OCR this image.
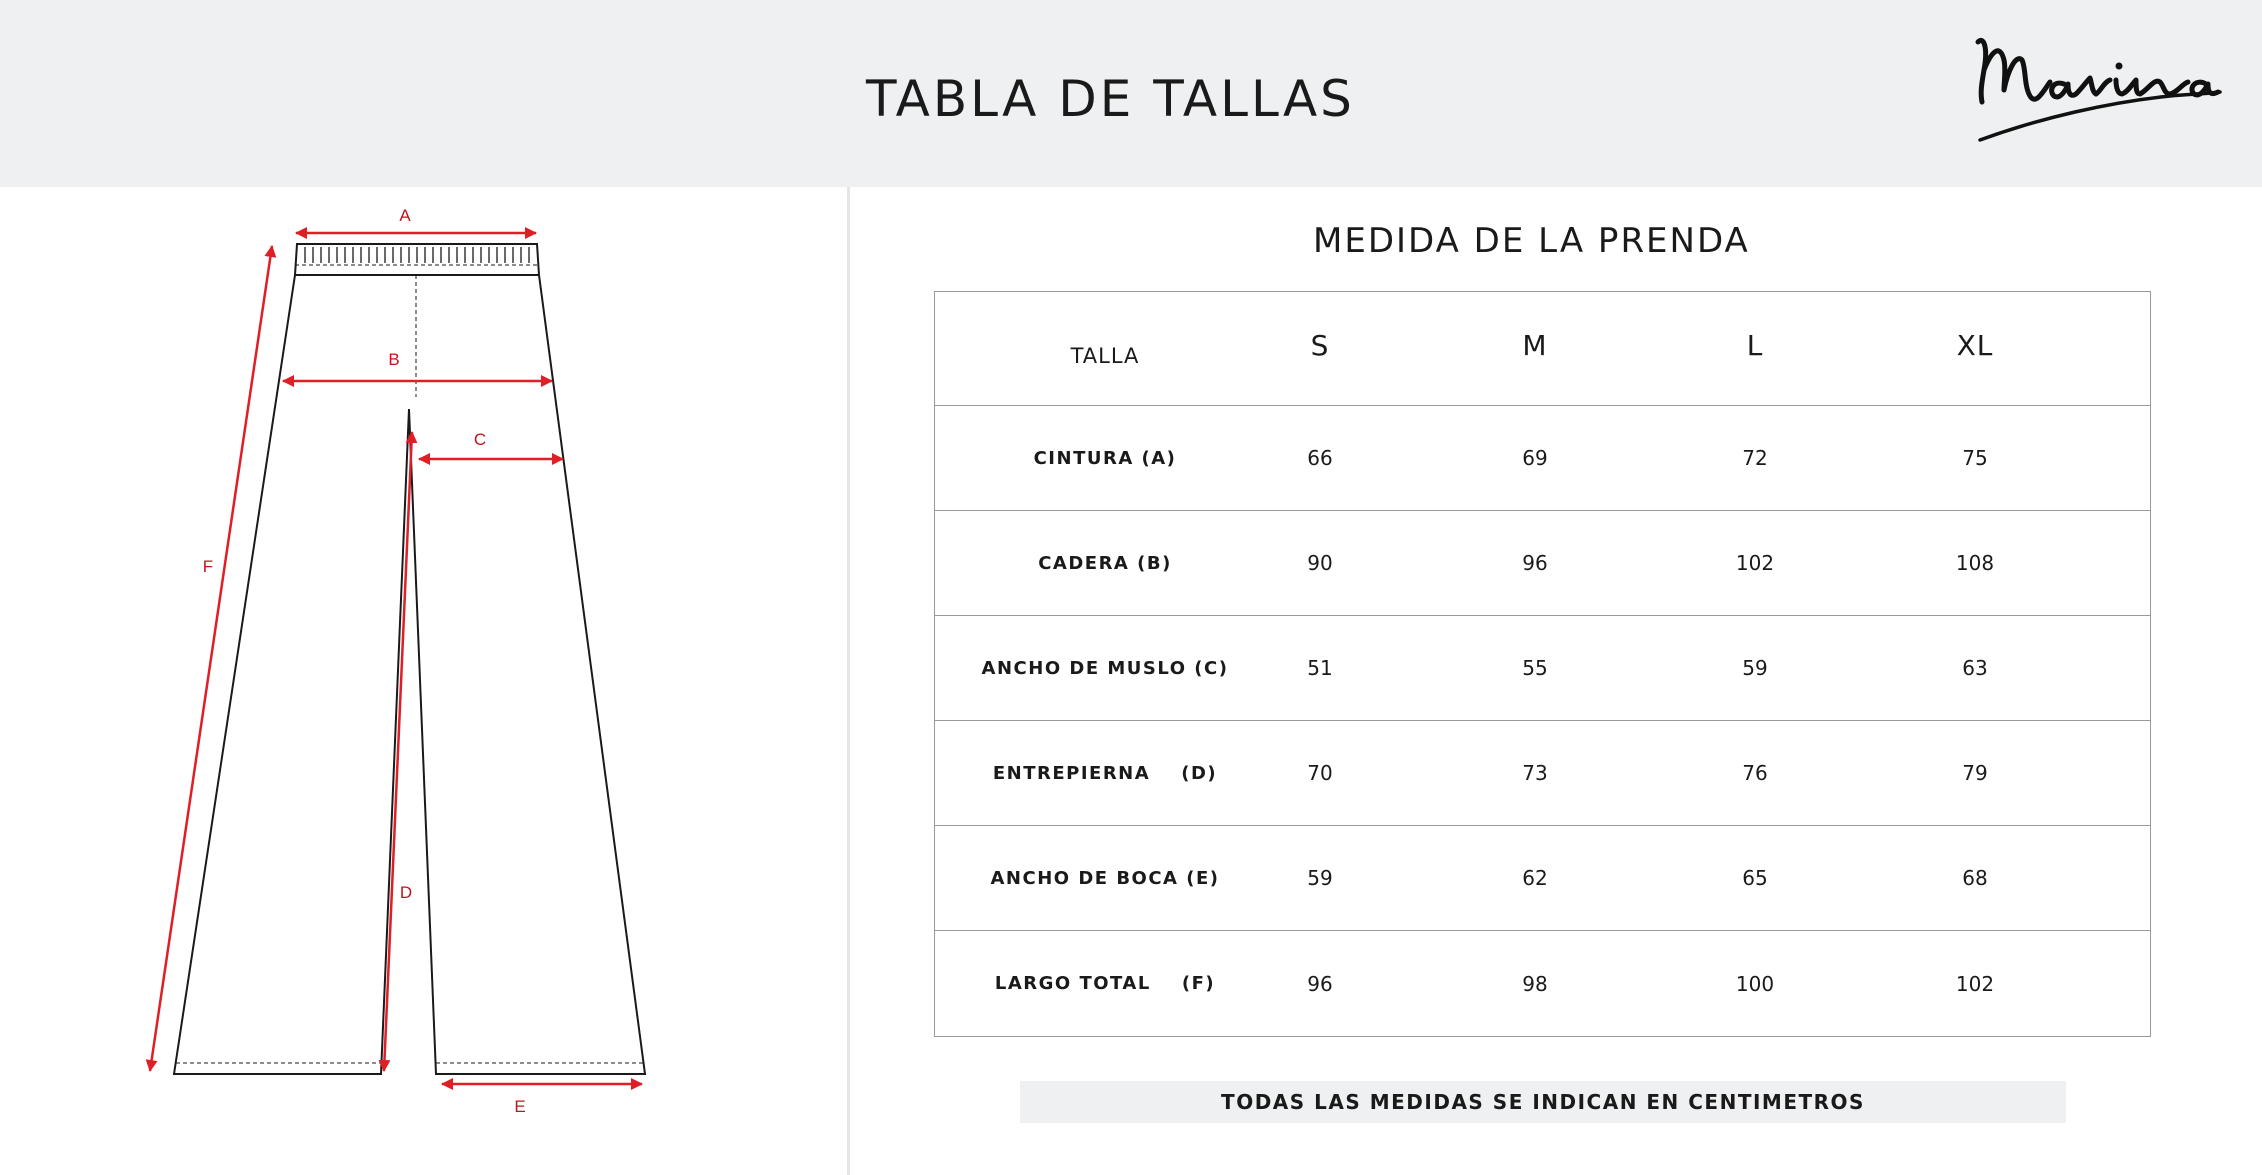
TABLA DE TALLAS
A
B
C
D
E
F
MEDIDA DE LA PRENDA
TALLA	S	M	L	XL
CINTURA (A)	66	69	72	75
CADERA (B)	90	96	102	108
ANCHO DE MUSLO (C)	51	55	59	63
ENTREPIERNA    (D)	70	73	76	79
ANCHO DE BOCA (E)	59	62	65	68
LARGO TOTAL    (F)	96	98	100	102
TODAS LAS MEDIDAS SE INDICAN EN CENTIMETROS
